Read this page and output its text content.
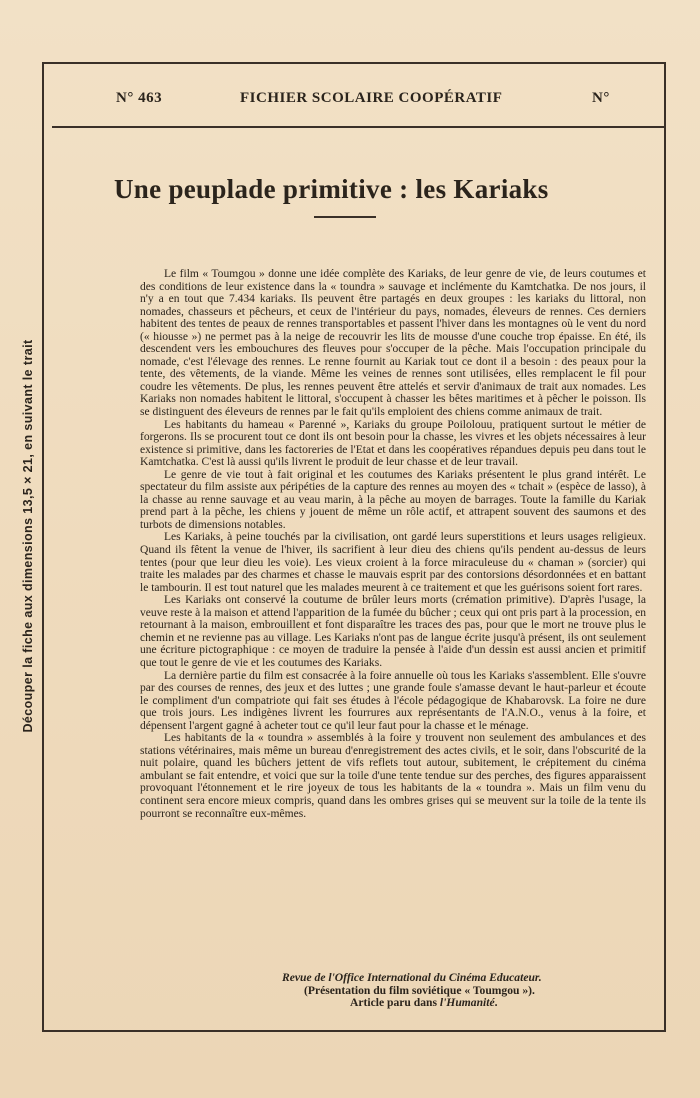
Découper la fiche aux dimensions 13,5 × 21, en suivant le trait
N° 463	FICHIER SCOLAIRE COOPÉRATIF	N°
Une peuplade primitive : les Kariaks

Le film « Toumgou » donne une idée complète des Kariaks, de leur genre de vie, de leurs coutumes et des conditions de leur existence dans la « toundra » sauvage et inclémente du Kamtchatka. De nos jours, il n'y a en tout que 7.434 kariaks. Ils peuvent être partagés en deux groupes : les kariaks du littoral, non nomades, chasseurs et pêcheurs, et ceux de l'intérieur du pays, nomades, éleveurs de rennes. Ces derniers habitent des tentes de peaux de rennes transportables et passent l'hiver dans les montagnes où le vent du nord (« hiousse ») ne permet pas à la neige de recouvrir les lits de mousse d'une couche trop épaisse. En été, ils descendent vers les embouchures des fleuves pour s'occuper de la pêche. Mais l'occupation principale du nomade, c'est l'élevage des rennes. Le renne fournit au Kariak tout ce dont il a besoin : des peaux pour la tente, des vêtements, de la viande. Même les veines de rennes sont utilisées, elles remplacent le fil pour coudre les vêtements. De plus, les rennes peuvent être attelés et servir d'animaux de trait aux nomades. Les Kariaks non nomades habitent le littoral, s'occupent à chasser les bêtes maritimes et à pêcher le poisson. Ils se distinguent des éleveurs de rennes par le fait qu'ils emploient des chiens comme animaux de trait.

Les habitants du hameau « Parenné », Kariaks du groupe Poilolouu, pratiquent surtout le métier de forgerons. Ils se procurent tout ce dont ils ont besoin pour la chasse, les vivres et les objets nécessaires à leur existence si primitive, dans les factoreries de l'Etat et dans les coopératives répandues depuis peu dans tout le Kamtchatka. C'est là aussi qu'ils livrent le produit de leur chasse et de leur travail.

Le genre de vie tout à fait original et les coutumes des Kariaks présentent le plus grand intérêt. Le spectateur du film assiste aux péripéties de la capture des rennes au moyen des « tchait » (espèce de lasso), à la chasse au renne sauvage et au veau marin, à la pêche au moyen de barrages. Toute la famille du Kariak prend part à la pêche, les chiens y jouent de même un rôle actif, et attrapent souvent des saumons et des turbots de dimensions notables.

Les Kariaks, à peine touchés par la civilisation, ont gardé leurs superstitions et leurs usages religieux. Quand ils fêtent la venue de l'hiver, ils sacrifient à leur dieu des chiens qu'ils pendent au-dessus de leurs tentes (pour que leur dieu les voie). Les vieux croient à la force miraculeuse du « chaman » (sorcier) qui traite les malades par des charmes et chasse le mauvais esprit par des contorsions désordonnées et en battant le tambourin. Il est tout naturel que les malades meurent à ce traitement et que les guérisons soient fort rares.

Les Kariaks ont conservé la coutume de brûler leurs morts (crémation primitive). D'après l'usage, la veuve reste à la maison et attend l'apparition de la fumée du bûcher ; ceux qui ont pris part à la procession, en retournant à la maison, embrouillent et font disparaître les traces des pas, pour que le mort ne trouve plus le chemin et ne revienne pas au village. Les Kariaks n'ont pas de langue écrite jusqu'à présent, ils ont seulement une écriture pictographique : ce moyen de traduire la pensée à l'aide d'un dessin est aussi ancien et primitif que tout le genre de vie et les coutumes des Kariaks.

La dernière partie du film est consacrée à la foire annuelle où tous les Kariaks s'assemblent. Elle s'ouvre par des courses de rennes, des jeux et des luttes ; une grande foule s'amasse devant le haut-parleur et écoute le compliment d'un compatriote qui fait ses études à l'école pédagogique de Khabarovsk. La foire ne dure que trois jours. Les indigènes livrent les fourrures aux représentants de l'A.N.O., venus à la foire, et dépensent l'argent gagné à acheter tout ce qu'il leur faut pour la chasse et le ménage.

Les habitants de la « toundra » assemblés à la foire y trouvent non seulement des ambulances et des stations vétérinaires, mais même un bureau d'enregistrement des actes civils, et le soir, dans l'obscurité de la nuit polaire, quand les bûchers jettent de vifs reflets tout autour, subitement, le crépitement du cinéma ambulant se fait entendre, et voici que sur la toile d'une tente tendue sur des perches, des figures apparaissent provoquant l'étonnement et le rire joyeux de tous les habitants de la « toundra ». Mais un film venu du continent sera encore mieux compris, quand dans les ombres grises qui se meuvent sur la toile de la tente ils pourront se reconnaître eux-mêmes.

Revue de l'Office International du Cinéma Educateur.
(Présentation du film soviétique « Toumgou »).
Article paru dans l'Humanité.
